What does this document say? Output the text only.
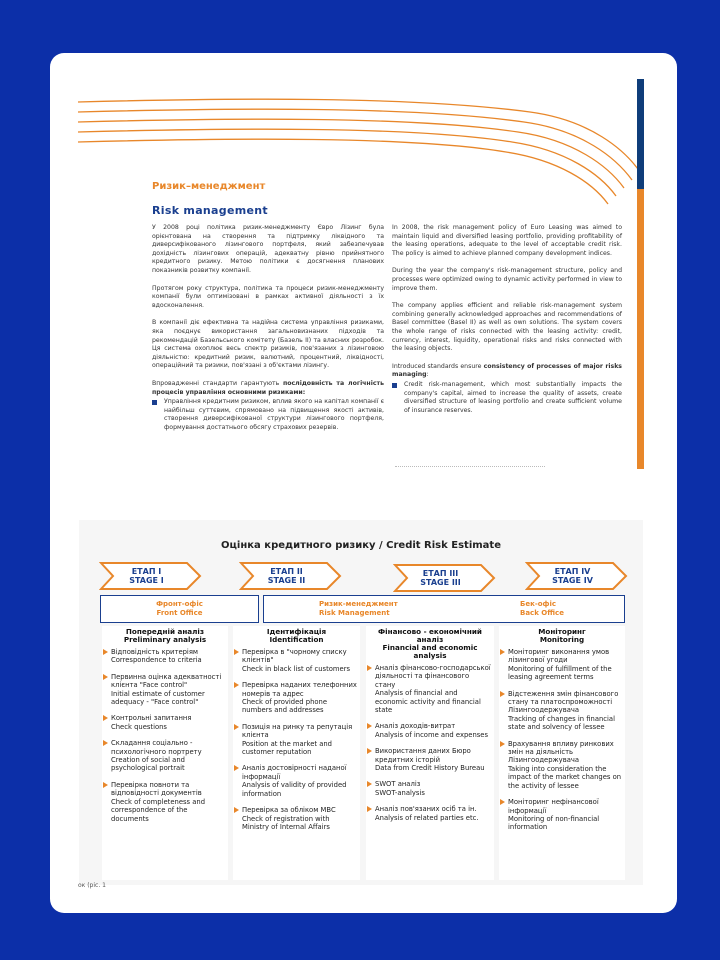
Ризик–менеджмент
Risk management

У 2008 році політика ризик-менеджменту Євро Лізинг була орієнтована на створення та підтримку ліквідного та диверсифікованого лізингового портфеля, який забезпечував дохідність лізингових операцій, адекватну рівню прийнятного кредитного ризику. Метою політики є досягнення планових показників розвитку компанії.

Протягом року структура, політика та процеси ризик-менеджменту компанії були оптимізовані в рамках активної діяльності з їх вдосконалення.

В компанії діє ефективна та надійна система управління ризиками, яка поєднує використання загальновизнаних підходів та рекомендацій Базельського комітету (Базель ІІ) та власних розробок. Ця система охоплює весь спектр ризиків, пов'язаних з лізинговою діяльністю: кредитний ризик, валютний, процентний, ліквідності, операційний та ризики, пов'язані з об'єктами лізингу.

Впровадженні стандарти гарантують послідовність та логічність процесів управління основними ризиками:

Управління кредитним ризиком, вплив якого на капітал компанії є найбільш суттєвим, спрямовано на підвищення якості активів, створення диверсифікованої структури лізингового портфеля, формування достатнього обсягу страхових резервів.

In 2008, the risk management policy of Euro Leasing was aimed to maintain liquid and diversified leasing portfolio, providing profitability of the leasing operations, adequate to the level of acceptable credit risk. The policy is aimed to achieve planned company development indices.

During the year the company's risk-management structure, policy and processes were optimized owing to dynamic activity performed in view to improve them.

The company applies efficient and reliable risk-management system combining generally acknowledged approaches and recommendations of Basel committee (Basel II) as well as own solutions. The system covers the whole range of risks connected with the leasing activity: credit, currency, interest, liquidity, operational risks and risks connected with the leasing objects.

Introduced standards ensure consistency of processes of major risks managing:

Credit risk-management, which most substantially impacts the company's capital, aimed to increase the quality of assets, create diversified structure of leasing portfolio and create sufficient volume of insurance reserves.

Оцінка кредитного ризику / Credit Risk Estimate
ЕТАП І
STAGE I
ЕТАП ІІ
STAGE II
ЕТАП ІІІ
STAGE III
ЕТАП IV
STAGE IV
Фронт-офіс
Front Office
Ризик-менеджмент
Risk Management
Бек-офіс
Back Office
Попередній аналіз
Preliminary analysis
Відповідність критеріям
Correspondence to criteria
Первинна оцінка адекватності клієнта "Face control"
Initial estimate of customer adequacy - "Face control"
Контрольні запитання
Check questions
Складання соціально - психологічного портрету
Creation of social and psychological portrait
Перевірка повноти та відповідності документів
Check of completeness and correspondence of the documents
Ідентифікація
Identification
Перевірка в "чорному списку клієнтів"
Check in black list of customers
Перевірка наданих телефонних номерів та адрес
Check of provided phone numbers and addresses
Позиція на ринку та репутація клієнта
Position at the market and customer reputation
Аналіз достовірності наданої інформації
Analysis of validity of provided information
Перевірка за обліком МВС
Check of registration with Ministry of Internal Affairs
Фінансово - економічний аналіз
Financial and economic analysis
Аналіз фінансово-господарської діяльності та фінансового стану
Analysis of financial and economic activity and financial state
Аналіз доходів-витрат
Analysis of income and expenses
Використання даних Бюро кредитних історій
Data from Credit History Bureau
SWOT аналіз
SWOT-analysis
Аналіз пов'язаних осіб та ін.
Analysis of related parties etc.
Моніторинг
Monitoring
Моніторинг виконання умов лізингової угоди
Monitoring of fulfillment of the leasing agreement terms
Відстеження змін фінансового стану та платоспроможності Лізингоодержувача
Tracking of changes in financial state and solvency of lessee
Врахування впливу ринкових змін на діяльність Лізингоодержувача
Taking into consideration the impact of the market changes on the activity of lessee
Моніторинг нефінансової інформації
Monitoring of non-financial information
ок (pic. 1
